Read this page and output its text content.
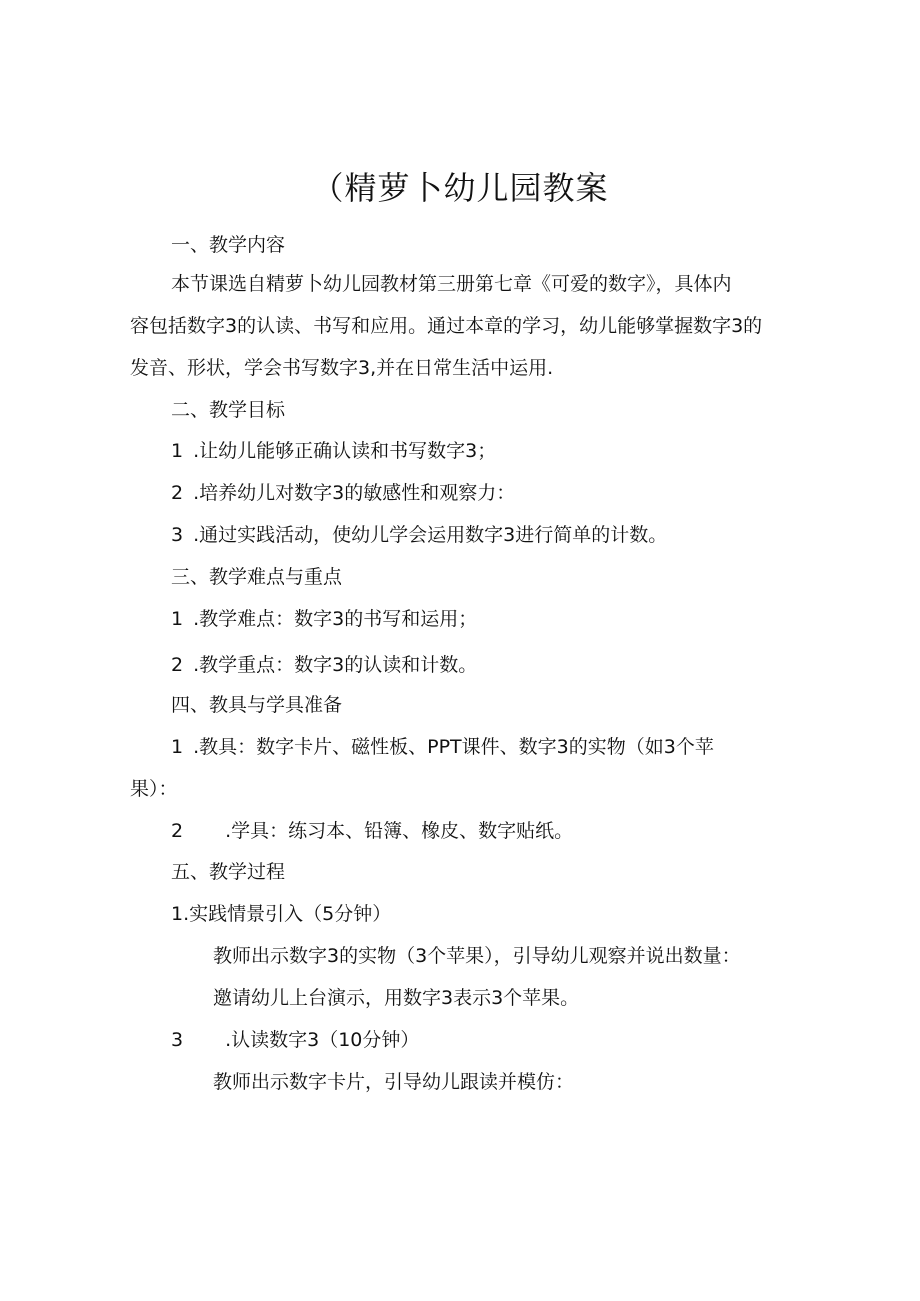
（精萝卜幼儿园教案
一、教学内容
本节课选自精萝卜幼儿园教材第三册第七章《可爱的数字》，具体内
容包括数字3的认读、书写和应用。通过本章的学习，幼儿能够掌握数字3的
发音、形状，学会书写数字3,并在日常生活中运用.
二、教学目标
1 .让幼儿能够正确认读和书写数字3；
2 .培养幼儿对数字3的敏感性和观察力：
3 .通过实践活动，使幼儿学会运用数字3进行简单的计数。
三、教学难点与重点
1 .教学难点：数字3的书写和运用；
2 .教学重点：数字3的认读和计数。
四、教具与学具准备
1 .教具：数字卡片、磁性板、PPT课件、数字3的实物（如3个苹
果）：
2 .学具：练习本、铅簿、橡皮、数字贴纸。
五、教学过程
1.实践情景引入（5分钟）
教师出示数字3的实物（3个苹果），引导幼儿观察并说出数量：
邀请幼儿上台演示，用数字3表示3个苹果。
3 .认读数字3（10分钟）
教师出示数字卡片，引导幼儿跟读并模仿：
